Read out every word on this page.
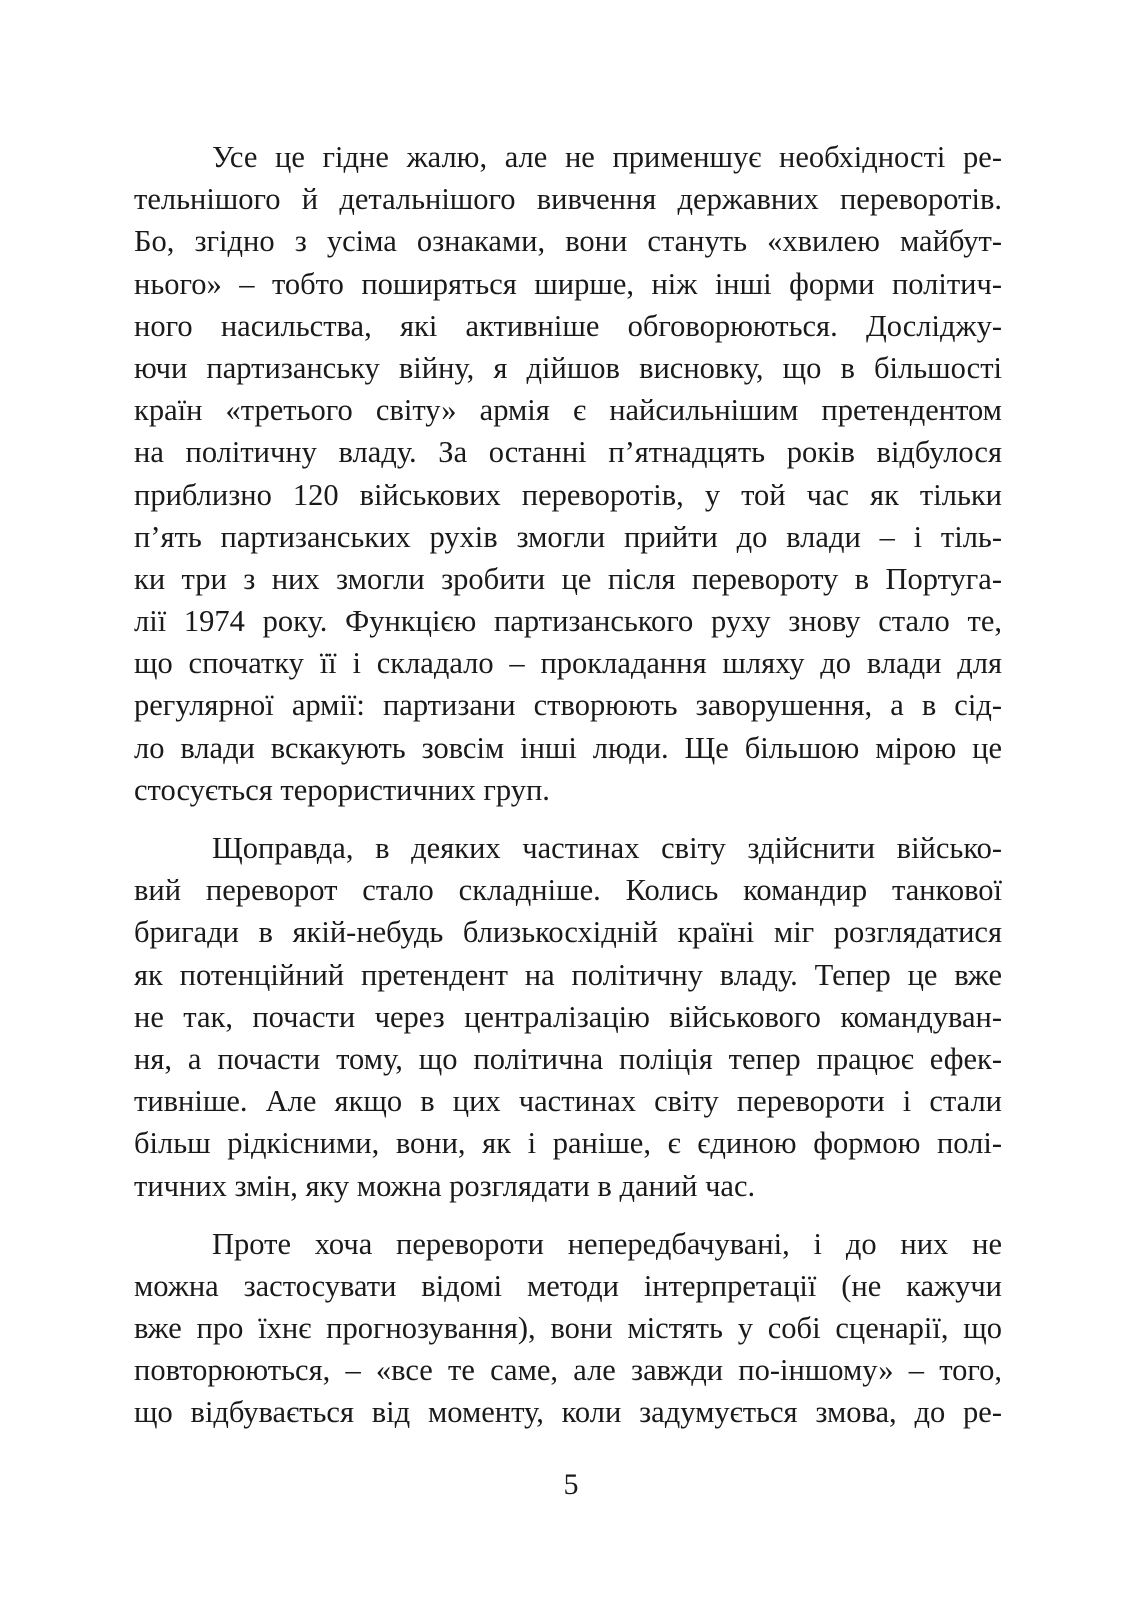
Усе це гідне жалю, але не применшує необхідності ре-
тельнішого й детальнішого вивчення державних переворотів.
Бо, згідно з усіма ознаками, вони стануть «хвилею майбут-
нього» – тобто поширяться ширше, ніж інші форми політич-
ного насильства, які активніше обговорюються. Досліджу-
ючи партизанську війну, я дійшов висновку, що в більшості
країн «третього світу» армія є найсильнішим претендентом
на політичну владу. За останні п’ятнадцять років відбулося
приблизно 120 військових переворотів, у той час як тільки
п’ять партизанських рухів змогли прийти до влади – і тіль-
ки три з них змогли зробити це після перевороту в Португа-
лії 1974 року. Функцією партизанського руху знову стало те,
що спочатку її і складало – прокладання шляху до влади для
регулярної армії: партизани створюють заворушення, а в сід-
ло влади вскакують зовсім інші люди. Ще більшою мірою це
стосується терористичних груп.
Щоправда, в деяких частинах світу здійснити військо-
вий переворот стало складніше. Колись командир танкової
бригади в якій-небудь близькосхідній країні міг розглядатися
як потенційний претендент на політичну владу. Тепер це вже
не так, почасти через централізацію військового командуван-
ня, а почасти тому, що політична поліція тепер працює ефек-
тивніше. Але якщо в цих частинах світу перевороти і стали
більш рідкісними, вони, як і раніше, є єдиною формою полі-
тичних змін, яку можна розглядати в даний час.
Проте хоча перевороти непередбачувані, і до них не
можна застосувати відомі методи інтерпретації (не кажучи
вже про їхнє прогнозування), вони містять у собі сценарії, що
повторюються, – «все те саме, але завжди по-іншому» – того,
що відбувається від моменту, коли задумується змова, до ре-
5
